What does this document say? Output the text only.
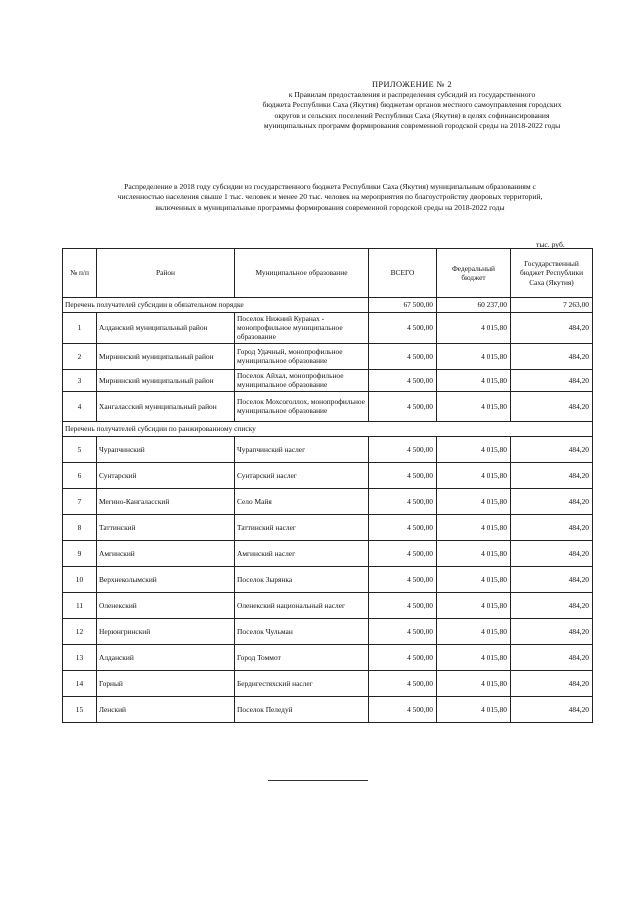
ПРИЛОЖЕНИЕ № 2
к Правилам предоставления и распределения субсидий из государственного
бюджета Республики Саха (Якутия) бюджетам органов местного самоуправления городских
округов и сельских поселений Республики Саха (Якутия) в целях софинансирования
муниципальных программ формирования современной городской среды на 2018-2022 годы
Распределение в 2018 году субсидии из государственного бюджета Республики Саха (Якутия) муниципальным образованиям с
численностью населения свыше 1 тыс. человек и менее 20 тыс. человек на мероприятия по благоустройству дворовых территорий,
включенных в муниципальные программы формирования современной городской среды на 2018-2022 годы
тыс. руб.
№ п/п	Район	Муниципальное образование	ВСЕГО	Федеральный бюджет	Государственный бюджет Республики Саха (Якутия)
Перечень получателей субсидии в обязательном порядке			67 500,00	60 237,00	7 263,00
1	Алданский муниципальный район	Поселок Нижний Куранах - монопрофильное муниципальное образование	4 500,00	4 015,80	484,20
2	Мирнинский муниципальный район	Город Удачный, монопрофильное муниципальное образование	4 500,00	4 015,80	484,20
3	Мирнинский муниципальный район	Поселок Айхал, монопрофильное муниципальное образование	4 500,00	4 015,80	484,20
4	Хангаласский муниципальный район	Поселок Мохсоголлох, монопрофильное муниципальное образование	4 500,00	4 015,80	484,20
Перечень получателей субсидии по ранжированному списку					
5	Чурапчинский	Чурапчинский наслег	4 500,00	4 015,80	484,20
6	Сунтарский	Сунтарский наслег	4 500,00	4 015,80	484,20
7	Мегино-Кангаласский	Село Майя	4 500,00	4 015,80	484,20
8	Таттинский	Таттинский наслег	4 500,00	4 015,80	484,20
9	Амгинский	Амгинский наслег	4 500,00	4 015,80	484,20
10	Верхнеколымский	Поселок Зырянка	4 500,00	4 015,80	484,20
11	Оленекский	Оленекский национальный наслег	4 500,00	4 015,80	484,20
12	Нерюнгринский	Поселок Чульман	4 500,00	4 015,80	484,20
13	Алданский	Город Томмот	4 500,00	4 015,80	484,20
14	Горный	Бердигестяхский наслег	4 500,00	4 015,80	484,20
15	Ленский	Поселок Пеледуй	4 500,00	4 015,80	484,20
